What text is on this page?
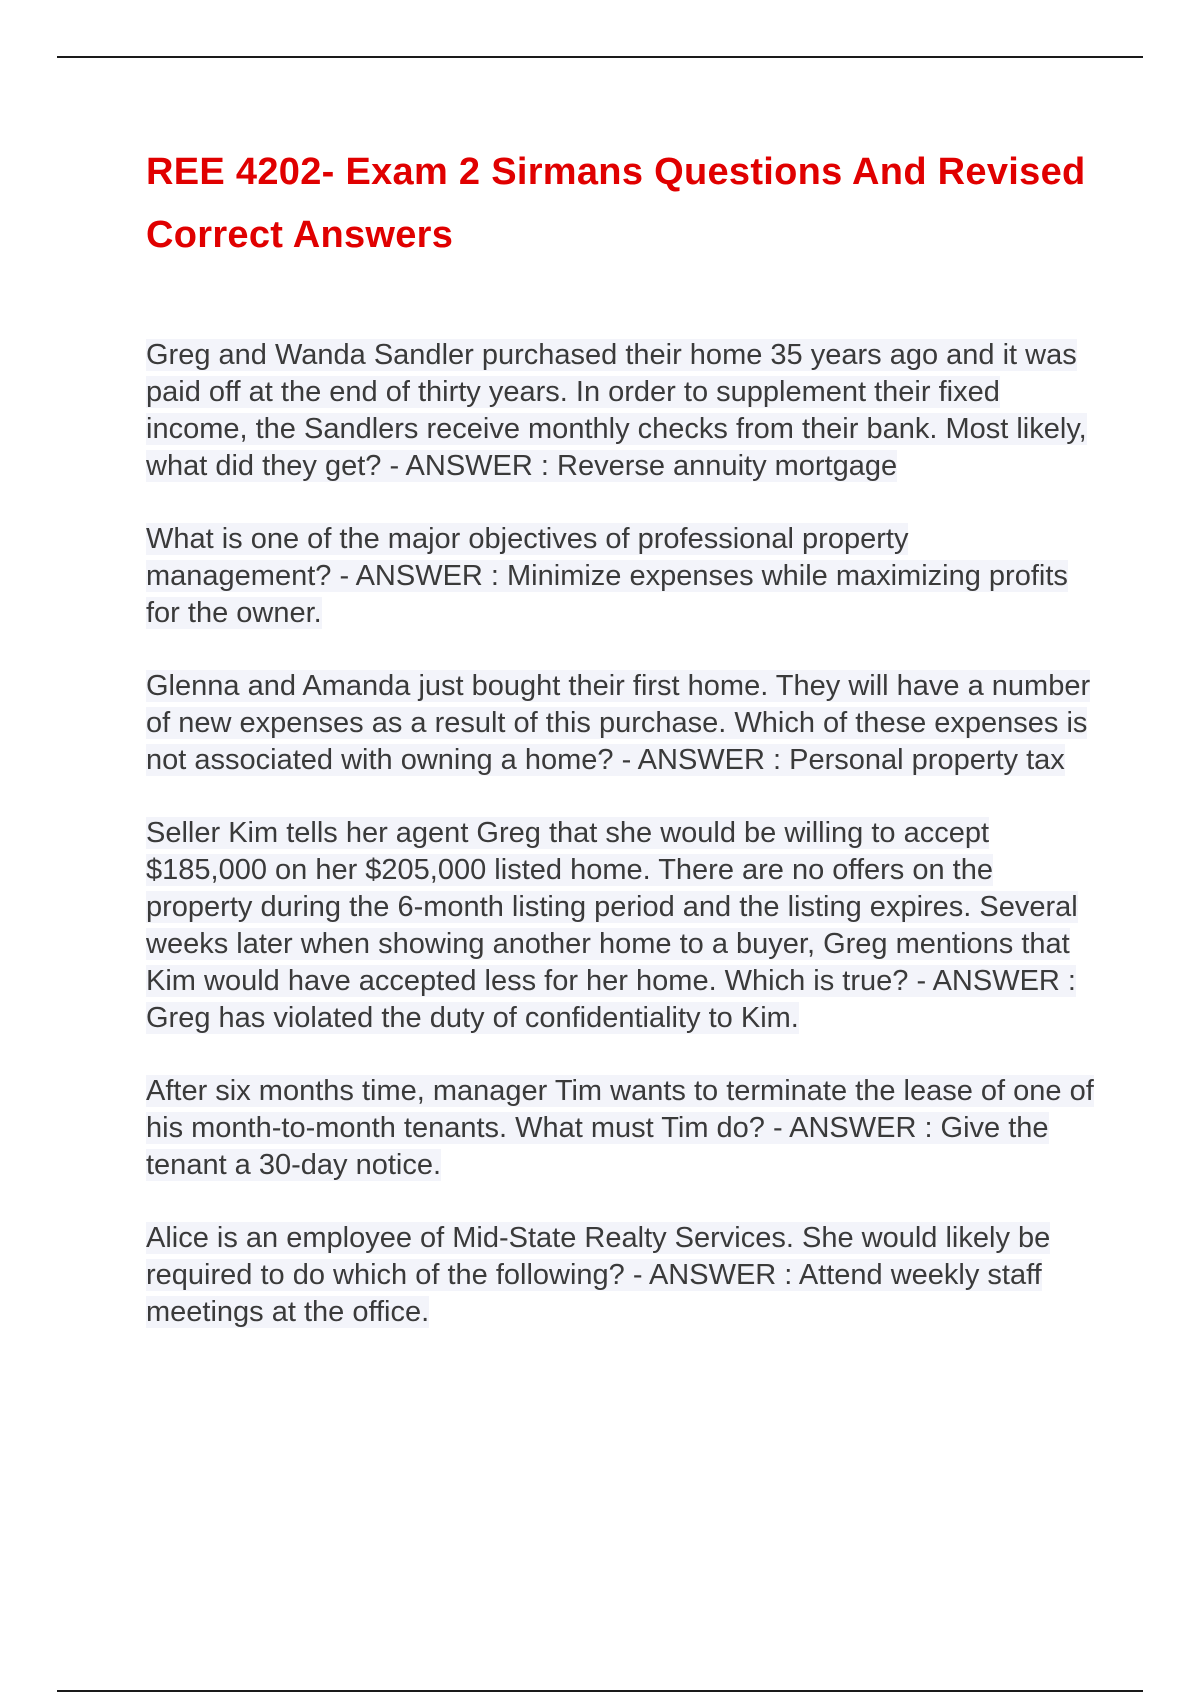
REE 4202- Exam 2 Sirmans Questions And Revised Correct Answers

Greg and Wanda Sandler purchased their home 35 years ago and it was paid off at the end of thirty years. In order to supplement their fixed income, the Sandlers receive monthly checks from their bank. Most likely, what did they get? - ANSWER : Reverse annuity mortgage

What is one of the major objectives of professional property management? - ANSWER : Minimize expenses while maximizing profits for the owner.

Glenna and Amanda just bought their first home. They will have a number of new expenses as a result of this purchase. Which of these expenses is not associated with owning a home? - ANSWER : Personal property tax

Seller Kim tells her agent Greg that she would be willing to accept $185,000 on her $205,000 listed home. There are no offers on the property during the 6-month listing period and the listing expires. Several weeks later when showing another home to a buyer, Greg mentions that Kim would have accepted less for her home. Which is true? - ANSWER : Greg has violated the duty of confidentiality to Kim.

After six months time, manager Tim wants to terminate the lease of one of his month-to-month tenants. What must Tim do? - ANSWER : Give the tenant a 30-day notice.

Alice is an employee of Mid-State Realty Services. She would likely be required to do which of the following? - ANSWER : Attend weekly staff meetings at the office.
